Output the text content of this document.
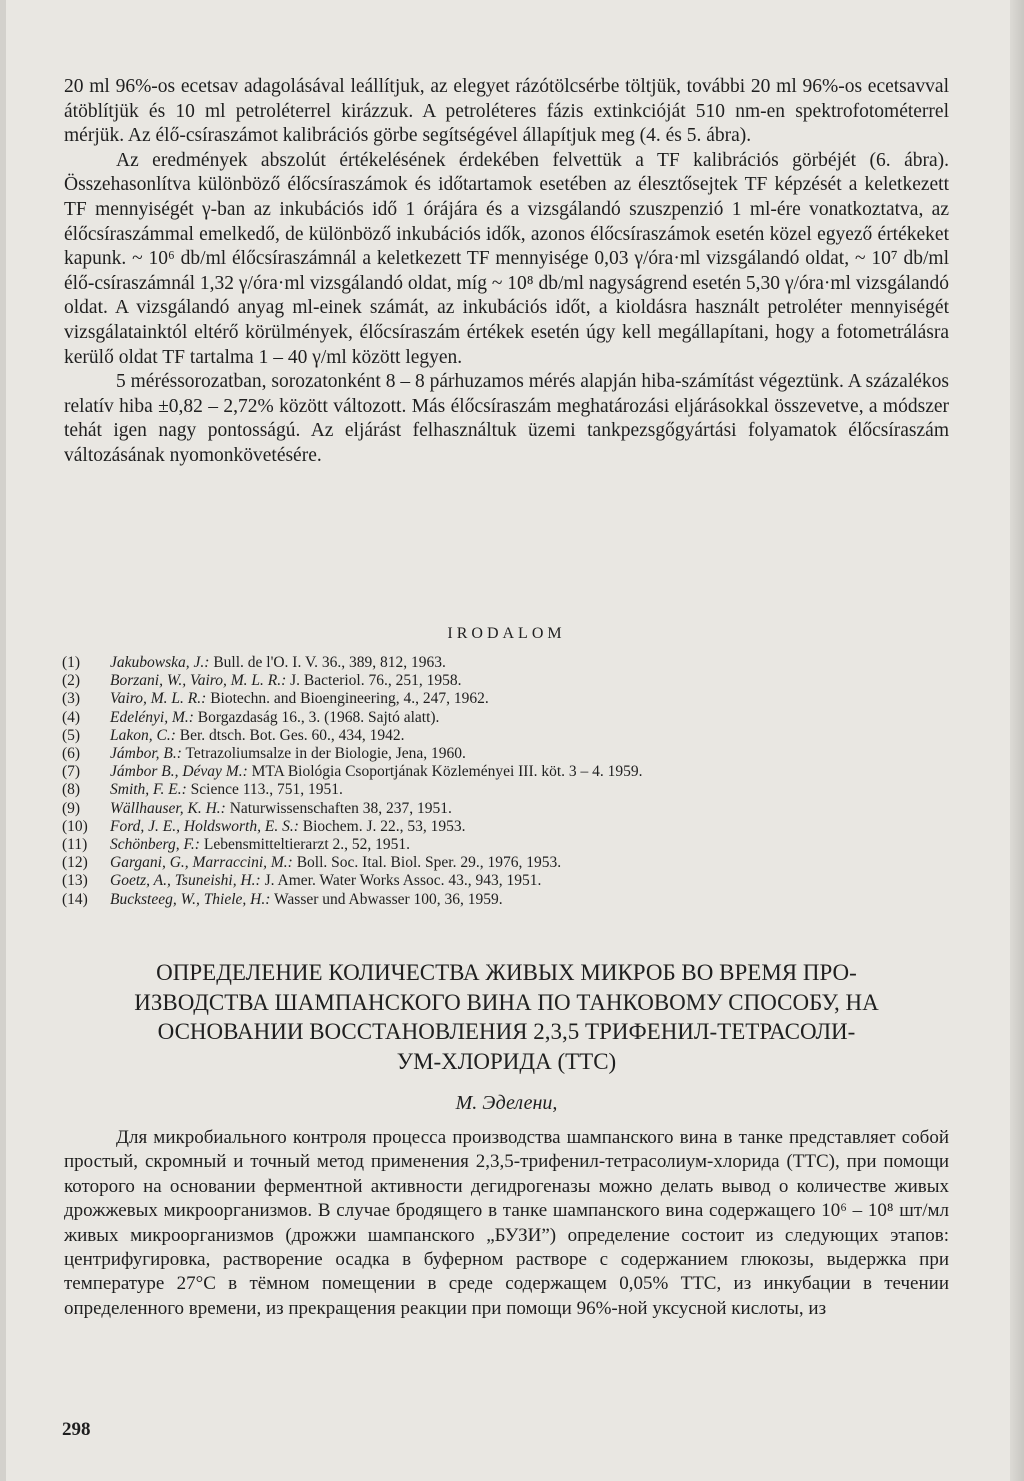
20 ml 96%-os ecetsav adagolásával leállítjuk, az elegyet rázótölcsérbe töltjük, további 20 ml 96%-os ecetsavval átöblítjük és 10 ml petroléterrel kirázzuk. A petroléteres fázis extinkcióját 510 nm-en spektrofotométerrel mérjük. Az élő-csíraszámot kalibrációs görbe segítségével állapítjuk meg (4. és 5. ábra).

Az eredmények abszolút értékelésének érdekében felvettük a TF kalibrációs görbéjét (6. ábra). Összehasonlítva különböző élőcsíraszámok és időtartamok esetében az élesztősejtek TF képzését a keletkezett TF mennyiségét γ-ban az inkubációs idő 1 órájára és a vizsgálandó szuszpenzió 1 ml-ére vonatkoztatva, az élőcsíraszámmal emelkedő, de különböző inkubációs idők, azonos élőcsíraszámok esetén közel egyező értékeket kapunk. ~ 10⁶ db/ml élőcsíraszámnál a keletkezett TF mennyisége 0,03 γ/óra·ml vizsgálandó oldat, ~ 10⁷ db/ml élő-csíraszámnál 1,32 γ/óra·ml vizsgálandó oldat, míg ~ 10⁸ db/ml nagyságrend esetén 5,30 γ/óra·ml vizsgálandó oldat. A vizsgálandó anyag ml-einek számát, az inkubációs időt, a kioldásra használt petroléter mennyiségét vizsgálatainktól eltérő körülmények, élőcsíraszám értékek esetén úgy kell megállapítani, hogy a fotometrálásra kerülő oldat TF tartalma 1 – 40 γ/ml között legyen.

5 méréssorozatban, sorozatonként 8 – 8 párhuzamos mérés alapján hiba-számítást végeztünk. A százalékos relatív hiba ±0,82 – 2,72% között változott. Más élőcsíraszám meghatározási eljárásokkal összevetve, a módszer tehát igen nagy pontosságú. Az eljárást felhasználtuk üzemi tankpezsgőgyártási folyamatok élőcsíraszám változásának nyomonkövetésére.

IRODALOM
(1)	Jakubowska, J.: Bull. de l'O. I. V. 36., 389, 812, 1963.
(2)	Borzani, W., Vairo, M. L. R.: J. Bacteriol. 76., 251, 1958.
(3)	Vairo, M. L. R.: Biotechn. and Bioengineering, 4., 247, 1962.
(4)	Edelényi, M.: Borgazdaság 16., 3. (1968. Sajtó alatt).
(5)	Lakon, C.: Ber. dtsch. Bot. Ges. 60., 434, 1942.
(6)	Jámbor, B.: Tetrazoliumsalze in der Biologie, Jena, 1960.
(7)	Jámbor B., Dévay M.: MTA Biológia Csoportjának Közleményei III. köt. 3 – 4. 1959.
(8)	Smith, F. E.: Science 113., 751, 1951.
(9)	Wällhauser, K. H.: Naturwissenschaften 38, 237, 1951.
(10)	Ford, J. E., Holdsworth, E. S.: Biochem. J. 22., 53, 1953.
(11)	Schönberg, F.: Lebensmitteltierarzt 2., 52, 1951.
(12)	Gargani, G., Marraccini, M.: Boll. Soc. Ital. Biol. Sper. 29., 1976, 1953.
(13)	Goetz, A., Tsuneishi, H.: J. Amer. Water Works Assoc. 43., 943, 1951.
(14)	Bucksteeg, W., Thiele, H.: Wasser und Abwasser 100, 36, 1959.
ОПРЕДЕЛЕНИЕ КОЛИЧЕСТВА ЖИВЫХ МИКРОБ ВО ВРЕМЯ ПРО-
ИЗВОДСТВА ШАМПАНСКОГО ВИНА ПО ТАНКОВОМУ СПОСОБУ, НА
ОСНОВАНИИ ВОССТАНОВЛЕНИЯ 2,3,5 ТРИФЕНИЛ-ТЕТРАСОЛИ-
УМ-ХЛОРИДА (ТТС)
М. Эделени,

Для микробиального контроля процесса производства шампанского вина в танке представляет собой простый, скромный и точный метод применения 2,3,5-трифенил-тетрасолиум-хлорида (ТТС), при помощи которого на основании ферментной активности дегидрогеназы можно делать вывод о количестве живых дрожжевых микроорганизмов. В случае бродящего в танке шампанского вина содержащего 10⁶ – 10⁸ шт/мл живых микроорганизмов (дрожжи шампанского „БУЗИ”) определение состоит из следующих этапов: центрифугировка, растворение осадка в буферном растворе с содержанием глюкозы, выдержка при температуре 27°С в тёмном помещении в среде содержащем 0,05% ТТС, из инкубации в течении определенного времени, из прекращения реакции при помощи 96%-ной уксусной кислоты, из

298
